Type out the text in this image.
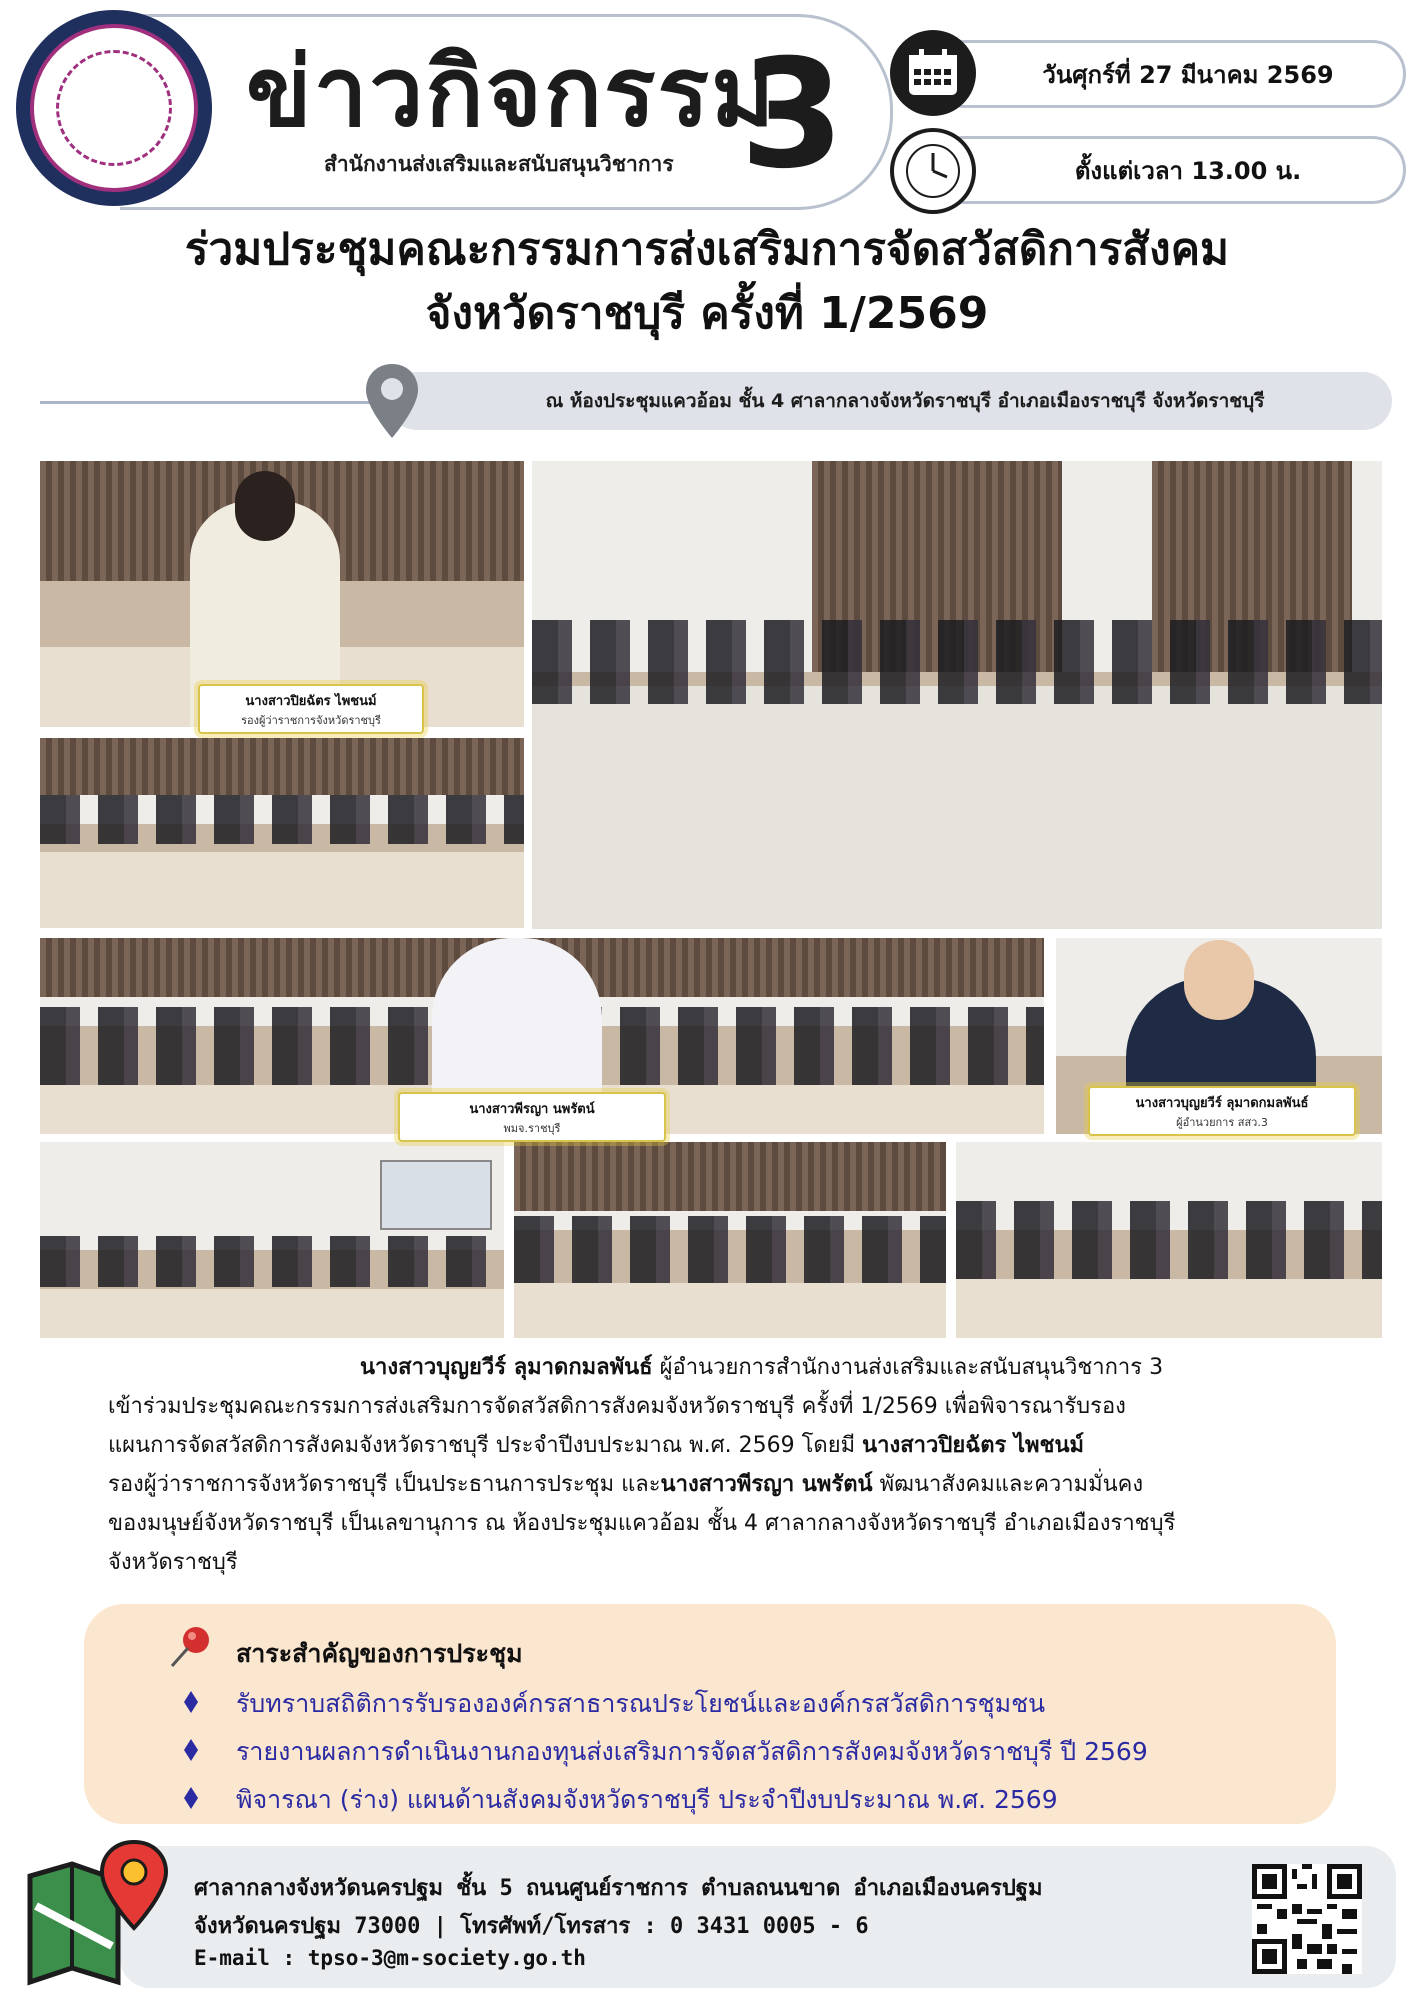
ข่าวกิจกรรม
3
สำนักงานส่งเสริมและสนับสนุนวิชาการ
วันศุกร์ที่ 27 มีนาคม 2569
ตั้งแต่เวลา 13.00 น.
ร่วมประชุมคณะกรรมการส่งเสริมการจัดสวัสดิการสังคม
จังหวัดราชบุรี ครั้งที่ 1/2569
ณ ห้องประชุมแควอ้อม ชั้น 4 ศาลากลางจังหวัดราชบุรี อำเภอเมืองราชบุรี จังหวัดราชบุรี
นางสาวปิยฉัตร ไพชนม์
รองผู้ว่าราชการจังหวัดราชบุรี
นางสาวพีรญา นพรัตน์
พมจ.ราชบุรี
นางสาวบุญยวีร์ ลุมาดกมลพันธ์
ผู้อำนวยการ สสว.3
นางสาวบุญยวีร์ ลุมาดกมลพันธ์ ผู้อำนวยการสำนักงานส่งเสริมและสนับสนุนวิชาการ 3
เข้าร่วมประชุมคณะกรรมการส่งเสริมการจัดสวัสดิการสังคมจังหวัดราชบุรี ครั้งที่ 1/2569 เพื่อพิจารณารับรอง
แผนการจัดสวัสดิการสังคมจังหวัดราชบุรี ประจำปีงบประมาณ พ.ศ. 2569 โดยมี นางสาวปิยฉัตร ไพชนม์
รองผู้ว่าราชการจังหวัดราชบุรี เป็นประธานการประชุม และนางสาวพีรญา นพรัตน์ พัฒนาสังคมและความมั่นคง
ของมนุษย์จังหวัดราชบุรี เป็นเลขานุการ ณ ห้องประชุมแควอ้อม ชั้น 4 ศาลากลางจังหวัดราชบุรี อำเภอเมืองราชบุรี
จังหวัดราชบุรี
สาระสำคัญของการประชุม
รับทราบสถิติการรับรององค์กรสาธารณประโยชน์และองค์กรสวัสดิการชุมชน
รายงานผลการดำเนินงานกองทุนส่งเสริมการจัดสวัสดิการสังคมจังหวัดราชบุรี ปี 2569
พิจารณา (ร่าง) แผนด้านสังคมจังหวัดราชบุรี ประจำปีงบประมาณ พ.ศ. 2569
ศาลากลางจังหวัดนครปฐม ชั้น 5 ถนนศูนย์ราชการ ตำบลถนนขาด อำเภอเมืองนครปฐม
จังหวัดนครปฐม 73000 | โทรศัพท์/โทรสาร : 0 3431 0005 - 6
E-mail : tpso-3@m-society.go.th
